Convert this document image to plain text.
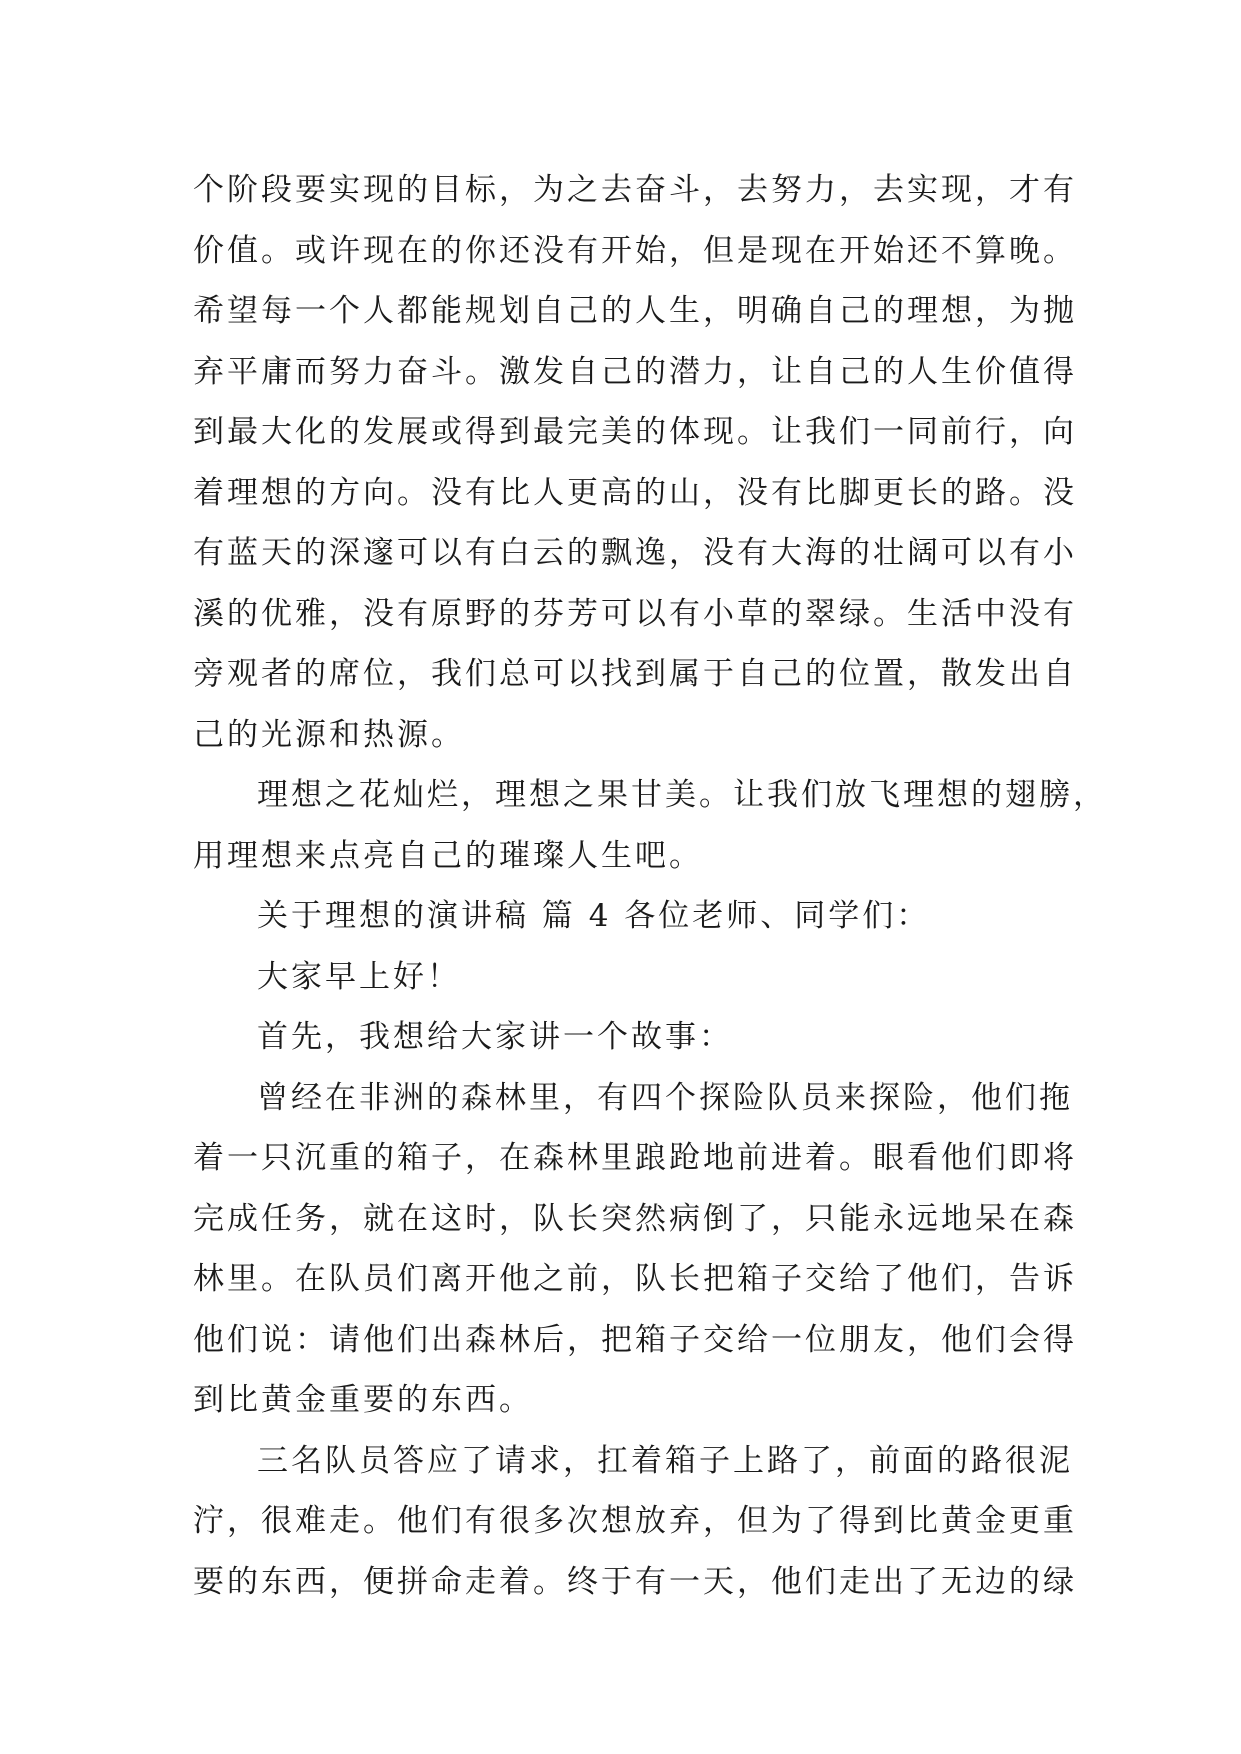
个阶段要实现的目标，为之去奋斗，去努力，去实现，才有
价值。或许现在的你还没有开始，但是现在开始还不算晚。
希望每一个人都能规划自己的人生，明确自己的理想，为抛
弃平庸而努力奋斗。激发自己的潜力，让自己的人生价值得
到最大化的发展或得到最完美的体现。让我们一同前行，向
着理想的方向。没有比人更高的山，没有比脚更长的路。没
有蓝天的深邃可以有白云的飘逸，没有大海的壮阔可以有小
溪的优雅，没有原野的芬芳可以有小草的翠绿。生活中没有
旁观者的席位，我们总可以找到属于自己的位置，散发出自
己的光源和热源。
理想之花灿烂，理想之果甘美。让我们放飞理想的翅膀，
用理想来点亮自己的璀璨人生吧。
关于理想的演讲稿 篇 4 各位老师、同学们：
大家早上好！
首先，我想给大家讲一个故事：
曾经在非洲的森林里，有四个探险队员来探险，他们拖
着一只沉重的箱子，在森林里踉跄地前进着。眼看他们即将
完成任务，就在这时，队长突然病倒了，只能永远地呆在森
林里。在队员们离开他之前，队长把箱子交给了他们，告诉
他们说：请他们出森林后，把箱子交给一位朋友，他们会得
到比黄金重要的东西。
三名队员答应了请求，扛着箱子上路了，前面的路很泥
泞，很难走。他们有很多次想放弃，但为了得到比黄金更重
要的东西，便拼命走着。终于有一天，他们走出了无边的绿
